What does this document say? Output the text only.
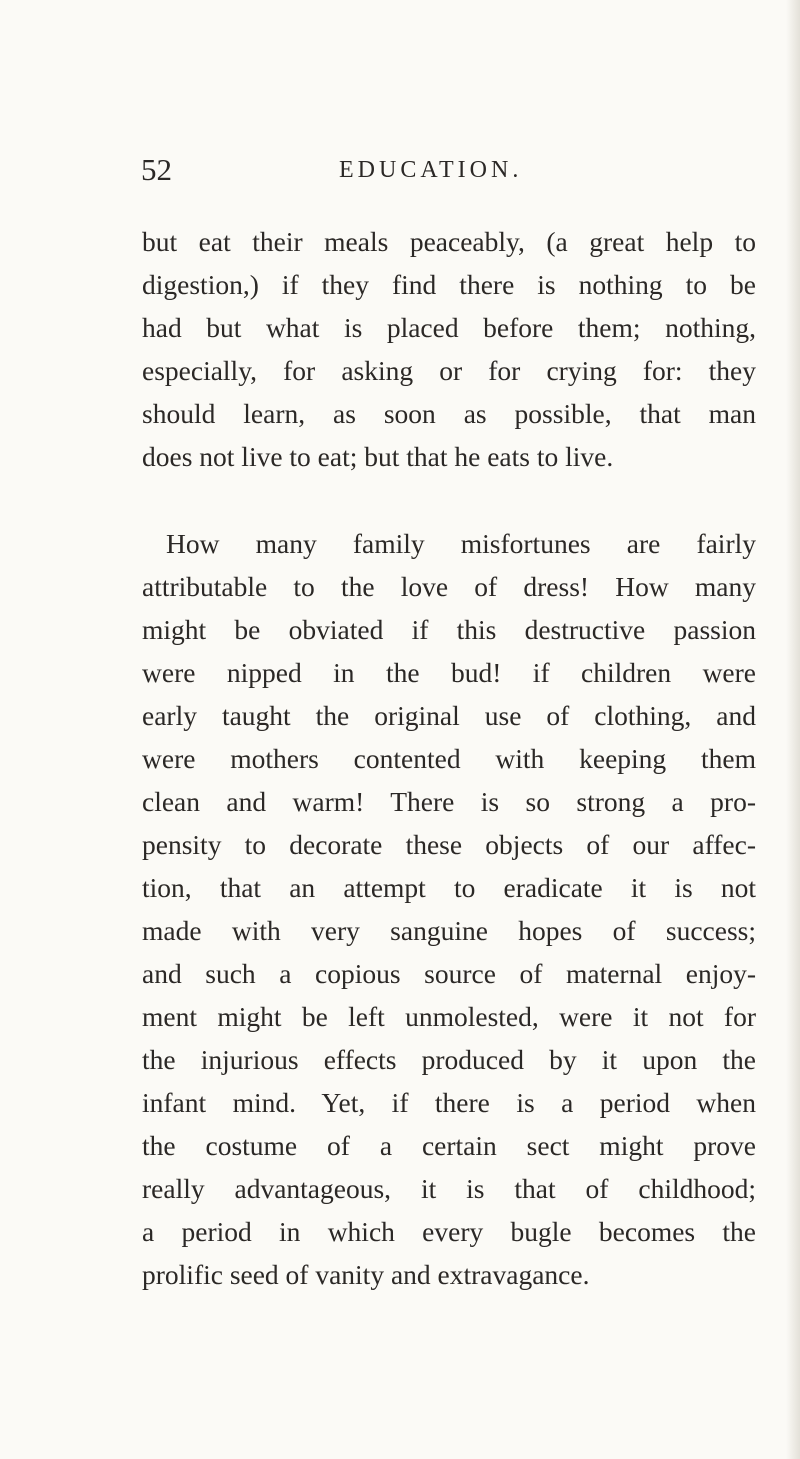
52	EDUCATION.
but eat their meals peaceably, (a great help to
digestion,) if they find there is nothing to be
had but what is placed before them; nothing,
especially, for asking or for crying for: they
should learn, as soon as possible, that man
does not live to eat; but that he eats to live.
How many family misfortunes are fairly
attributable to the love of dress! How many
might be obviated if this destructive passion
were nipped in the bud! if children were
early taught the original use of clothing, and
were mothers contented with keeping them
clean and warm! There is so strong a pro-
pensity to decorate these objects of our affec-
tion, that an attempt to eradicate it is not
made with very sanguine hopes of success;
and such a copious source of maternal enjoy-
ment might be left unmolested, were it not for
the injurious effects produced by it upon the
infant mind. Yet, if there is a period when
the costume of a certain sect might prove
really advantageous, it is that of childhood;
a period in which every bugle becomes the
prolific seed of vanity and extravagance.
